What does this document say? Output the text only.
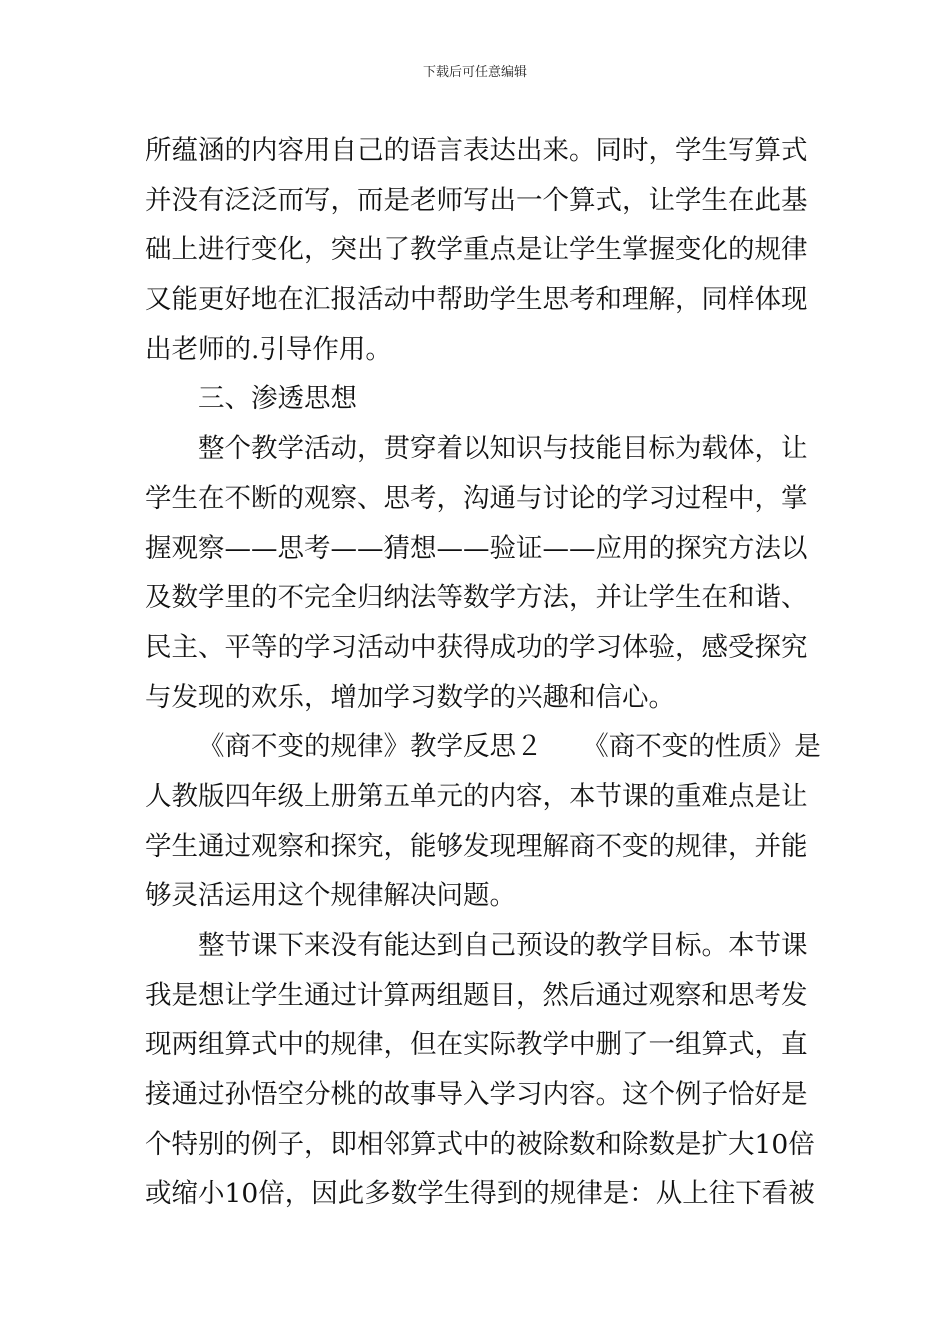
下载后可任意编辑
所蕴涵的内容用自己的语言表达出来。同时，学生写算式
并没有泛泛而写，而是老师写出一个算式，让学生在此基
础上进行变化，突出了教学重点是让学生掌握变化的规律
又能更好地在汇报活动中帮助学生思考和理解，同样体现
出老师的.引导作用。
三、渗透思想
整个教学活动，贯穿着以知识与技能目标为载体，让
学生在不断的观察、思考，沟通与讨论的学习过程中，掌
握观察——思考——猜想——验证——应用的探究方法以
及数学里的不完全归纳法等数学方法，并让学生在和谐、
民主、平等的学习活动中获得成功的学习体验，感受探究
与发现的欢乐，增加学习数学的兴趣和信心。
《商不变的规律》教学反思２　　《商不变的性质》是
人教版四年级上册第五单元的内容，本节课的重难点是让
学生通过观察和探究，能够发现理解商不变的规律，并能
够灵活运用这个规律解决问题。
整节课下来没有能达到自己预设的教学目标。本节课
我是想让学生通过计算两组题目，然后通过观察和思考发
现两组算式中的规律，但在实际教学中删了一组算式，直
接通过孙悟空分桃的故事导入学习内容。这个例子恰好是
个特别的例子，即相邻算式中的被除数和除数是扩大10倍
或缩小10倍，因此多数学生得到的规律是：从上往下看被
